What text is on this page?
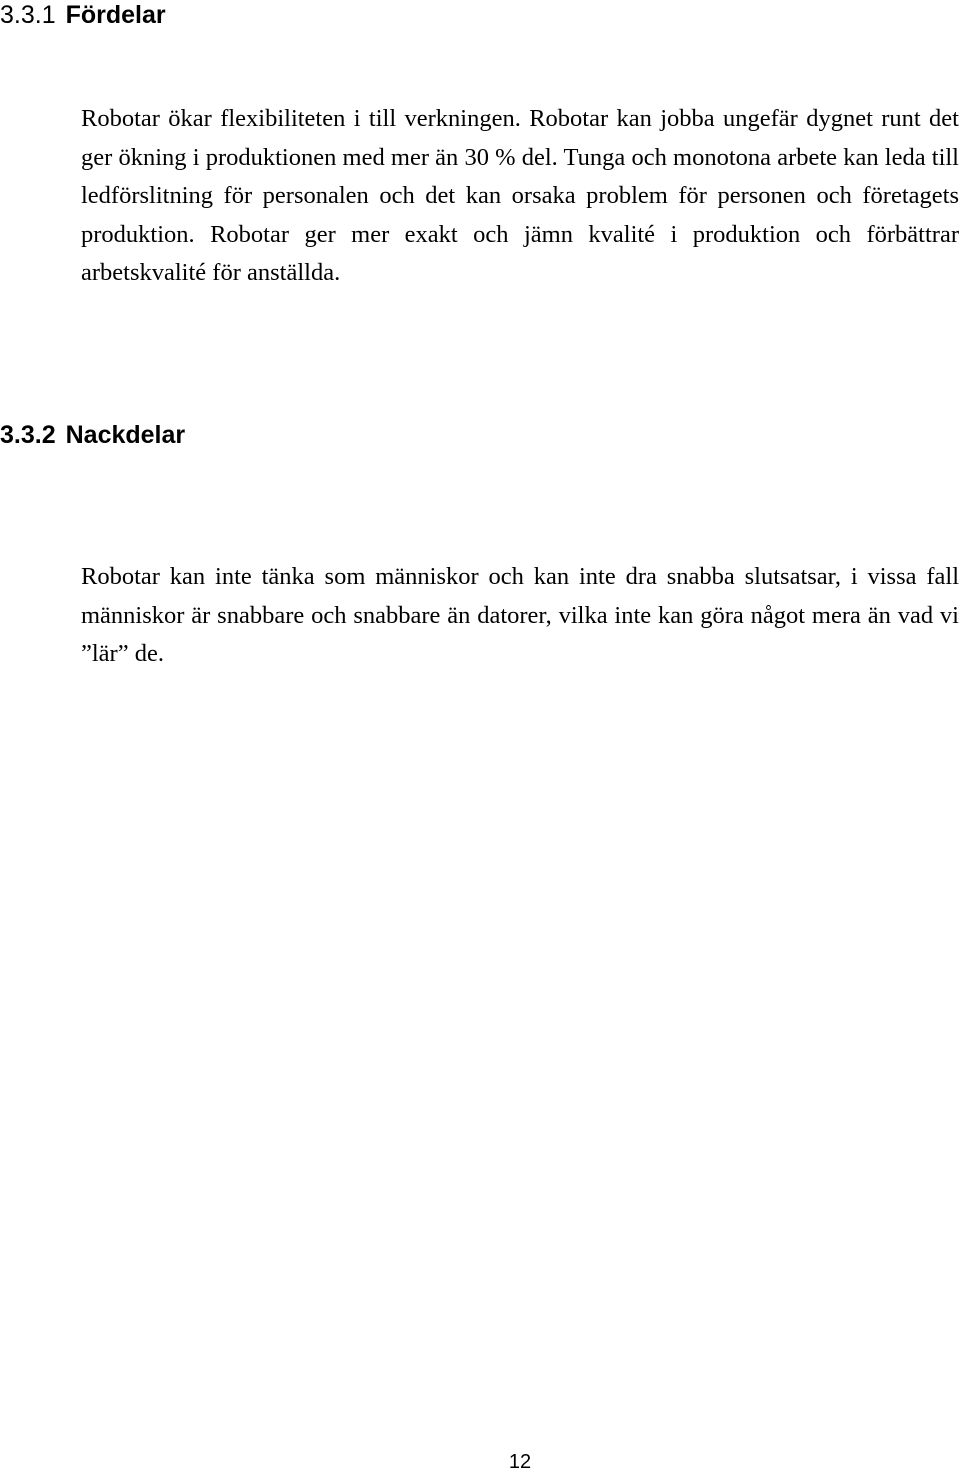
3.3.1 Fördelar

Robotar ökar flexibiliteten i till verkningen. Robotar kan jobba ungefär dygnet runt det ger ökning i produktionen med mer än 30 % del. Tunga och monotona arbete kan leda till ledförslitning för personalen och det kan orsaka problem för personen och företagets produktion. Robotar ger mer exakt och jämn kvalité i produktion och förbättrar arbetskvalité för anställda.

3.3.2 Nackdelar

Robotar kan inte tänka som människor och kan inte dra snabba slutsatsar, i vissa fall människor är snabbare och snabbare än datorer, vilka inte kan göra något mera än vad vi ”lär” de.

12
